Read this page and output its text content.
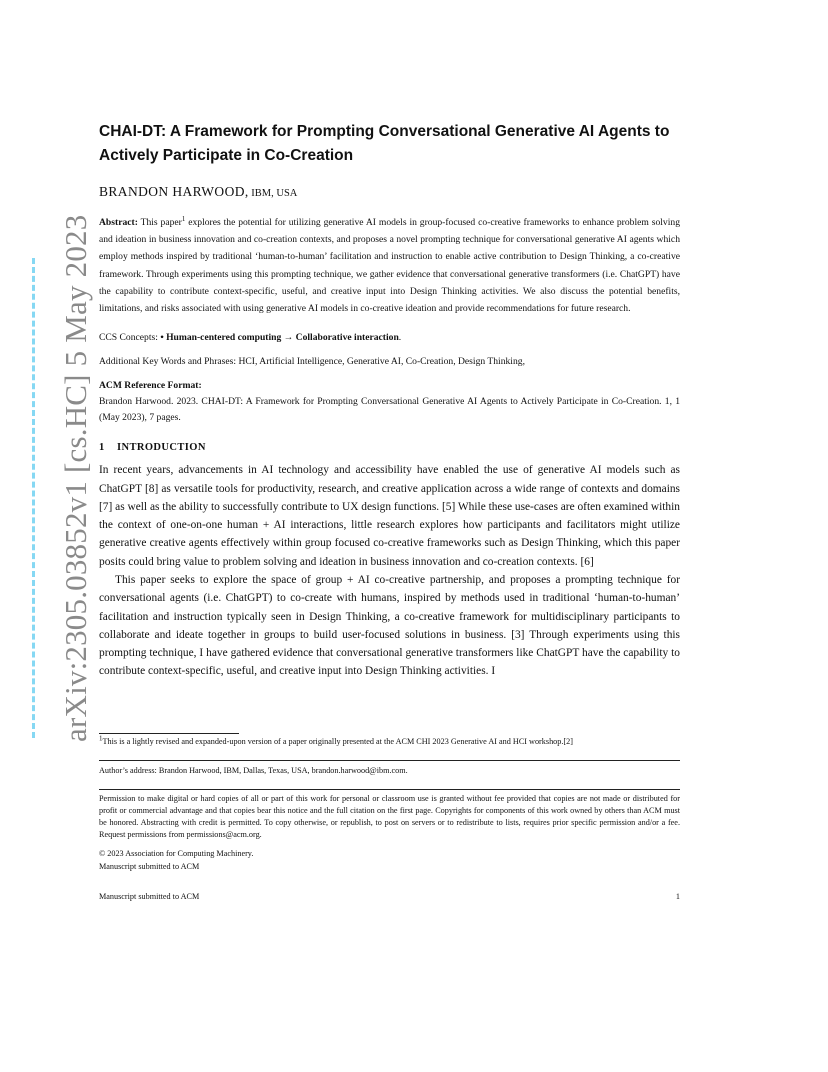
arXiv:2305.03852v1 [cs.HC] 5 May 2023
CHAI-DT: A Framework for Prompting Conversational Generative AI Agents to
Actively Participate in Co-Creation
BRANDON HARWOOD, IBM, USA
Abstract: This paper$^1$ explores the potential for utilizing generative AI models in group-focused co-creative frameworks to enhance problem solving and ideation in business innovation and co-creation contexts, and proposes a novel prompting technique for conversational generative AI agents which employ methods inspired by traditional ‘human-to-human’ facilitation and instruction to enable active contribution to Design Thinking, a co-creative framework. Through experiments using this prompting technique, we gather evidence that conversational generative transformers (i.e. ChatGPT) have the capability to contribute context-specific, useful, and creative input into Design Thinking activities. We also discuss the potential benefits, limitations, and risks associated with using generative AI models in co-creative ideation and provide recommendations for future research.
CCS Concepts: • Human-centered computing → Collaborative interaction.
Additional Key Words and Phrases: HCI, Artificial Intelligence, Generative AI, Co-Creation, Design Thinking,
ACM Reference Format:
Brandon Harwood. 2023. CHAI-DT: A Framework for Prompting Conversational Generative AI Agents to Actively Participate in Co-Creation. 1, 1 (May 2023), 7 pages.
1 INTRODUCTION

In recent years, advancements in AI technology and accessibility have enabled the use of generative AI models such as ChatGPT [8] as versatile tools for productivity, research, and creative application across a wide range of contexts and domains [7] as well as the ability to successfully contribute to UX design functions. [5] While these use-cases are often examined within the context of one-on-one human + AI interactions, little research explores how participants and facilitators might utilize generative creative agents effectively within group focused co-creative frameworks such as Design Thinking, which this paper posits could bring value to problem solving and ideation in business innovation and co-creation contexts. [6]

This paper seeks to explore the space of group + AI co-creative partnership, and proposes a prompting technique for conversational agents (i.e. ChatGPT) to co-create with humans, inspired by methods used in traditional ‘human-to-human’ facilitation and instruction typically seen in Design Thinking, a co-creative framework for multidisciplinary participants to collaborate and ideate together in groups to build user-focused solutions in business. [3] Through experiments using this prompting technique, I have gathered evidence that conversational generative transformers like ChatGPT have the capability to contribute context-specific, useful, and creative input into Design Thinking activities. I

1This is a lightly revised and expanded-upon version of a paper originally presented at the ACM CHI 2023 Generative AI and HCI workshop.[2]
Author’s address: Brandon Harwood, IBM, Dallas, Texas, USA, brandon.harwood@ibm.com.
Permission to make digital or hard copies of all or part of this work for personal or classroom use is granted without fee provided that copies are not made or distributed for profit or commercial advantage and that copies bear this notice and the full citation on the first page. Copyrights for components of this work owned by others than ACM must be honored. Abstracting with credit is permitted. To copy otherwise, or republish, to post on servers or to redistribute to lists, requires prior specific permission and/or a fee. Request permissions from permissions@acm.org.
© 2023 Association for Computing Machinery.
Manuscript submitted to ACM
Manuscript submitted to ACM	1
